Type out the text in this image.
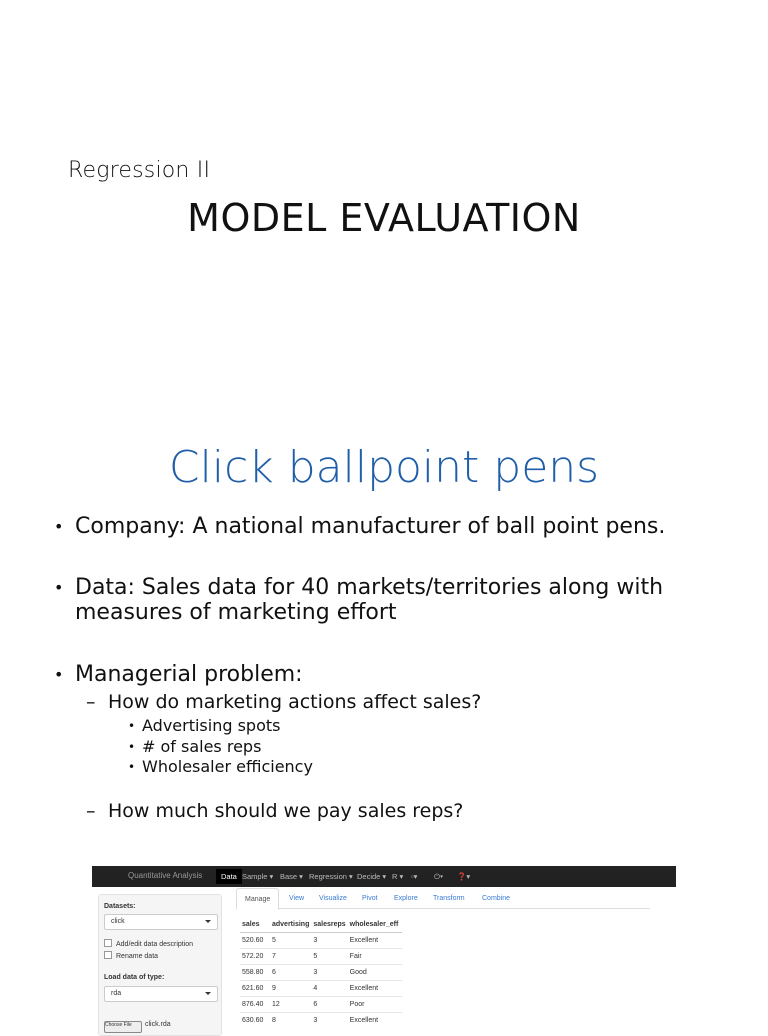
Regression II
MODEL EVALUATION
Click ballpoint pens
• Company: A national manufacturer of ball point pens.
• Data: Sales data for 40 markets/territories along with
measures of marketing effort
• Managerial problem:
– How do marketing actions affect sales?
• Advertising spots
• # of sales reps
• Wholesaler efficiency
– How much should we pay sales reps?
Quantitative Analysis	Data Sample ▾ Base ▾ Regression ▾ Decide ▾ R ▾ ▫▾ ⏻▾ ❓▾
Datasets:
click
Add/edit data description
Rename data
Load data of type:
rda
Choose File	click.rda
Manage	View Visualize Pivot Explore Transform Combine
sales	advertising	salesreps	wholesaler_eff
520.60	5	3	Excellent
572.20	7	5	Fair
558.80	6	3	Good
621.60	9	4	Excellent
876.40	12	6	Poor
630.60	8	3	Excellent
